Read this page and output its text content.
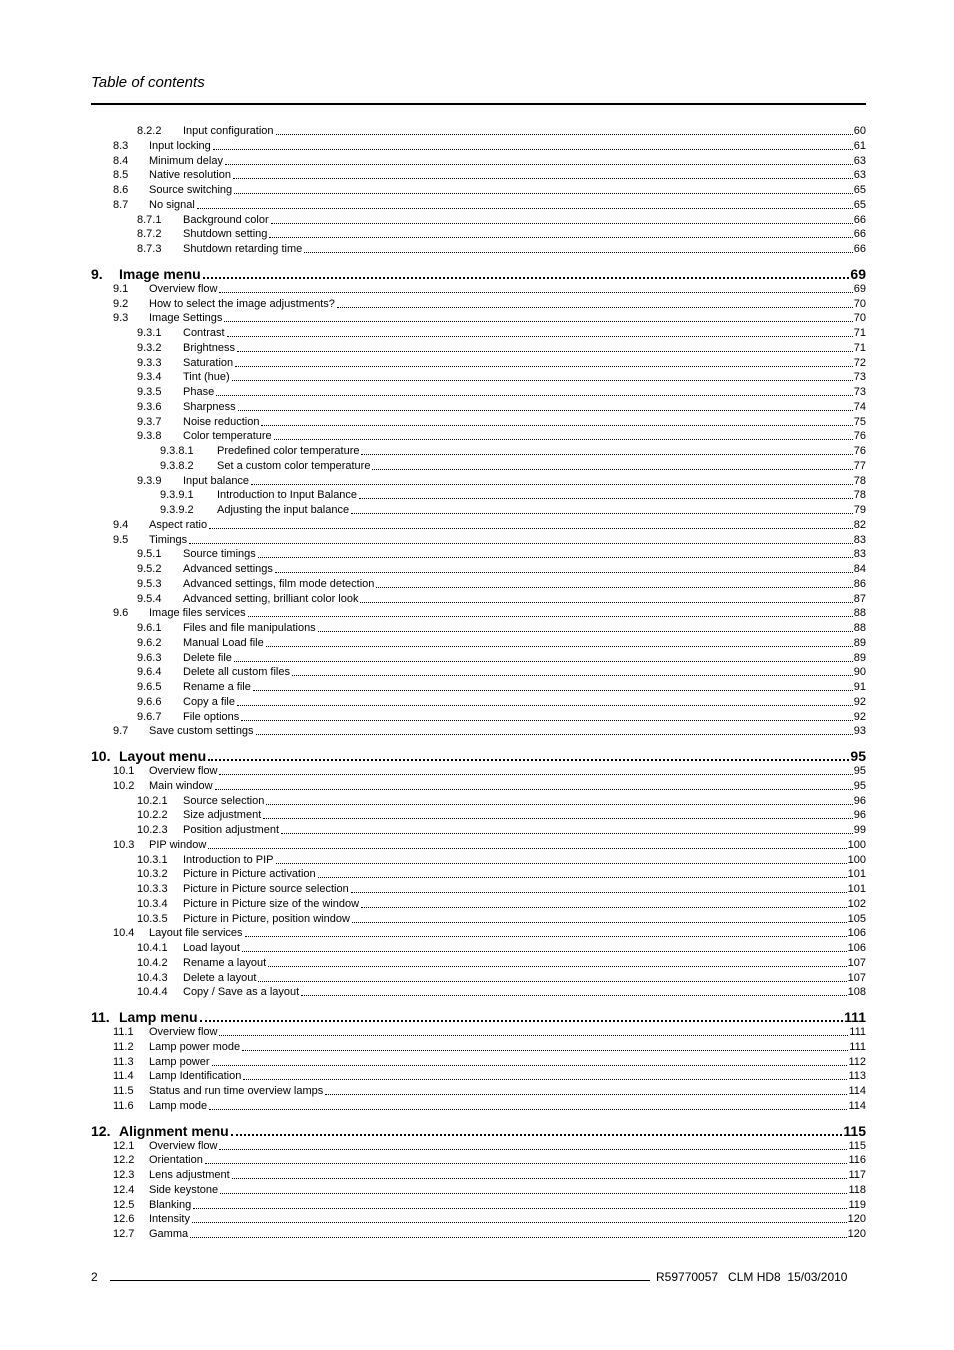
Table of contents
8.2.2	Input configuration	60
8.3	Input locking	61
8.4	Minimum delay	63
8.5	Native resolution	63
8.6	Source switching	65
8.7	No signal	65
8.7.1	Background color	66
8.7.2	Shutdown setting	66
8.7.3	Shutdown retarding time	66
9.	Image menu	69
9.1	Overview flow	69
9.2	How to select the image adjustments?	70
9.3	Image Settings	70
9.3.1	Contrast	71
9.3.2	Brightness	71
9.3.3	Saturation	72
9.3.4	Tint (hue)	73
9.3.5	Phase	73
9.3.6	Sharpness	74
9.3.7	Noise reduction	75
9.3.8	Color temperature	76
9.3.8.1	Predefined color temperature	76
9.3.8.2	Set a custom color temperature	77
9.3.9	Input balance	78
9.3.9.1	Introduction to Input Balance	78
9.3.9.2	Adjusting the input balance	79
9.4	Aspect ratio	82
9.5	Timings	83
9.5.1	Source timings	83
9.5.2	Advanced settings	84
9.5.3	Advanced settings, film mode detection	86
9.5.4	Advanced setting, brilliant color look	87
9.6	Image files services	88
9.6.1	Files and file manipulations	88
9.6.2	Manual Load file	89
9.6.3	Delete file	89
9.6.4	Delete all custom files	90
9.6.5	Rename a file	91
9.6.6	Copy a file	92
9.6.7	File options	92
9.7	Save custom settings	93
10. Layout menu	95
10.1	Overview flow	95
10.2	Main window	95
10.2.1	Source selection	96
10.2.2	Size adjustment	96
10.2.3	Position adjustment	99
10.3	PIP window	100
10.3.1	Introduction to PIP	100
10.3.2	Picture in Picture activation	101
10.3.3	Picture in Picture source selection	101
10.3.4	Picture in Picture size of the window	102
10.3.5	Picture in Picture, position window	105
10.4	Layout file services	106
10.4.1	Load layout	106
10.4.2	Rename a layout	107
10.4.3	Delete a layout	107
10.4.4	Copy / Save as a layout	108
11. Lamp menu	111
11.1	Overview flow	111
11.2	Lamp power mode	111
11.3	Lamp power	112
11.4	Lamp Identification	113
11.5	Status and run time overview lamps	114
11.6	Lamp mode	114
12. Alignment menu	115
12.1	Overview flow	115
12.2	Orientation	116
12.3	Lens adjustment	117
12.4	Side keystone	118
12.5	Blanking	119
12.6	Intensity	120
12.7	Gamma	120
2	R59770057   CLM HD8  15/03/2010
